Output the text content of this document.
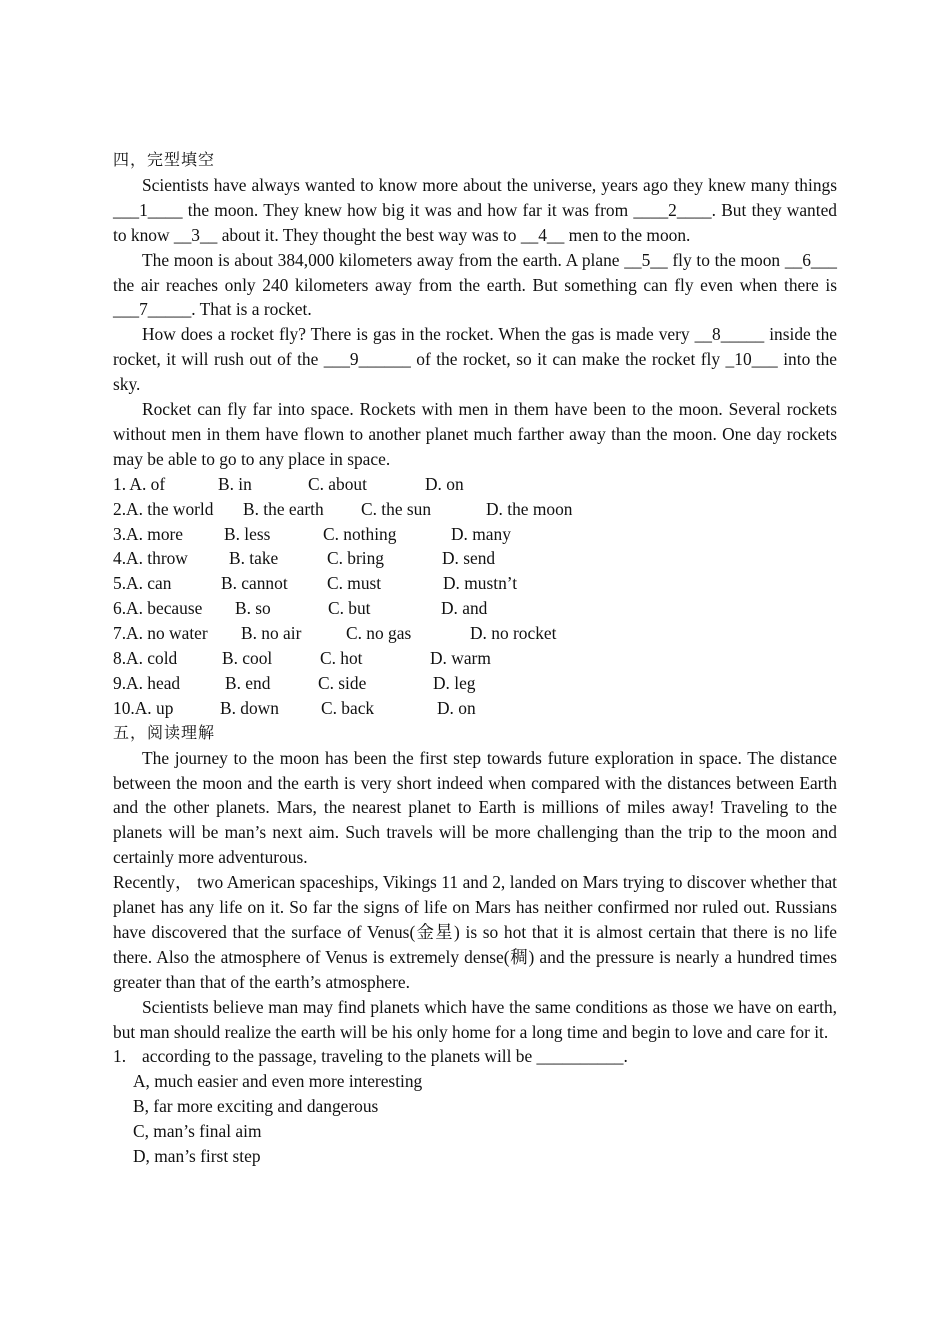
四，完型填空

Scientists have always wanted to know more about the universe, years ago they knew many things ___1____ the moon. They knew how big it was and how far it was from ____2____. But they wanted to know __3__ about it. They thought the best way was to __4__ men to the moon.

The moon is about 384,000 kilometers away from the earth. A plane __5__ fly to the moon __6___ the air reaches only 240 kilometers away from the earth. But something can fly even when there is ___7_____. That is a rocket.

How does a rocket fly? There is gas in the rocket. When the gas is made very __8_____ inside the rocket, it will rush out of the ___9______ of the rocket, so it can make the rocket fly _10___ into the sky.

Rocket can fly far into space. Rockets with men in them have been to the moon. Several rockets without men in them have flown to another planet much farther away than the moon. One day rockets may be able to go to any place in space.

1. A. of	B. in	C. about	D. on
2.A. the world B. the earth C. the sun	D. the moon
3.A. more B. less	C. nothing	D. many
4.A. throw B. take	C. bring	D. send
5.A. can	B. cannot C. must	D. mustn’t
6.A. because B. so	C. but	D. and
7.A. no water B. no air	C. no gas	D. no rocket
8.A. cold	B. cool	C. hot	D. warm
9.A. head	B. end	C. side	D. leg
10.A. up	B. down C. back	D. on
五，阅读理解

The journey to the moon has been the first step towards future exploration in space. The distance between the moon and the earth is very short indeed when compared with the distances between Earth and the other planets. Mars, the nearest planet to Earth is millions of miles away! Traveling to the planets will be man’s next aim. Such travels will be more challenging than the trip to the moon and certainly more adventurous.

Recently， two American spaceships, Vikings 11 and 2, landed on Mars trying to discover whether that planet has any life on it. So far the signs of life on Mars has neither confirmed nor ruled out. Russians have discovered that the surface of Venus(金星) is so hot that it is almost certain that there is no life there. Also the atmosphere of Venus is extremely dense(稠) and the pressure is nearly a hundred times greater than that of the earth’s atmosphere.

Scientists believe man may find planets which have the same conditions as those we have on earth, but man should realize the earth will be his only home for a long time and begin to love and care for it.

1. according to the passage, traveling to the planets will be __________.

A, much easier and even more interesting

B, far more exciting and dangerous

C, man’s final aim

D, man’s first step
